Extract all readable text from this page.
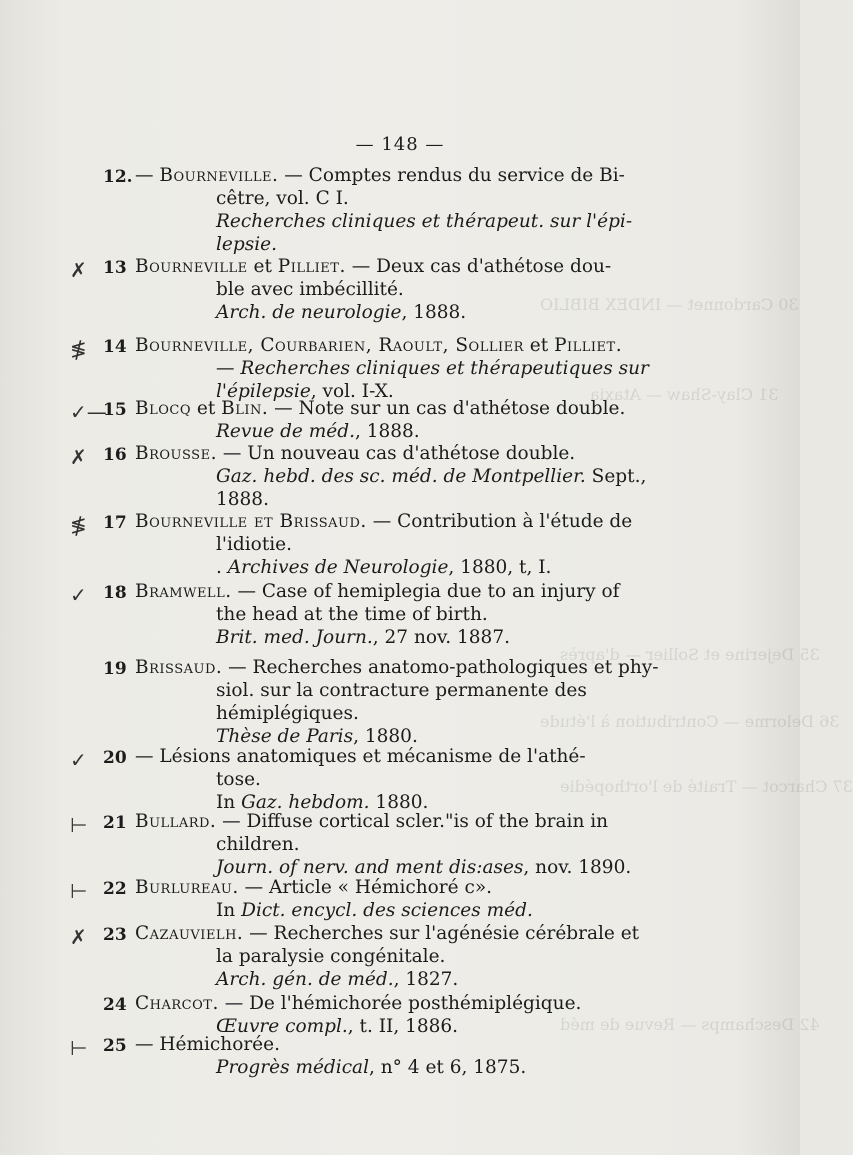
30 Cardonnet — INDEX BIBLIO
31 Clay-Shaw — Ataxia
35 Dejerine et Sollier — d'après
36 Delorme — Contribution à l'étude
37 Charcot — Traité de l'orthopédie
42 Deschamps — Revue de méd
— 148 —
12. — Bourneville. — Comptes rendus du service de Bi-
cêtre, vol. C I.
Recherches cliniques et thérapeut. sur l'épi-
lepsie.
✗ 13 Bourneville et Pilliet. — Deux cas d'athétose dou-
ble avec imbécillité.
Arch. de neurologie, 1888.
≸ 14 Bourneville, Courbarien, Raoult, Sollier et Pilliet.
— Recherches cliniques et thérapeutiques sur
l'épilepsie, vol. I-X.
✓—
15 Blocq et Blin. — Note sur un cas d'athétose double.
Revue de méd., 1888.
✗ 16 Brousse. — Un nouveau cas d'athétose double.
Gaz. hebd. des sc. méd. de Montpellier. Sept.,
1888.
≸ 17 Bourneville et Brissaud. — Contribution à l'étude de
l'idiotie.
. Archives de Neurologie, 1880, t, I.
✓ 18 Bramwell. — Case of hemiplegia due to an injury of
the head at the time of birth.
Brit. med. Journ., 27 nov. 1887.
19 Brissaud. — Recherches anatomo-pathologiques et phy-
siol. sur la contracture permanente des
hémiplégiques.
Thèse de Paris, 1880.
✓ 20 — Lésions anatomiques et mécanisme de l'athé-
tose.
In Gaz. hebdom. 1880.
⊢ 21 Bullard. — Diffuse cortical scler."is of the brain in
children.
Journ. of nerv. and ment dis:ases, nov. 1890.
⊢ 22 Burlureau. — Article « Hémichoré c».
In Dict. encycl. des sciences méd.
✗ 23 Cazauvielh. — Recherches sur l'agénésie cérébrale et
la paralysie congénitale.
Arch. gén. de méd., 1827.
24 Charcot. — De l'hémichorée posthémiplégique.
Œuvre compl., t. II, 1886.
⊢ 25 — Hémichorée.
Progrès médical, n° 4 et 6, 1875.
